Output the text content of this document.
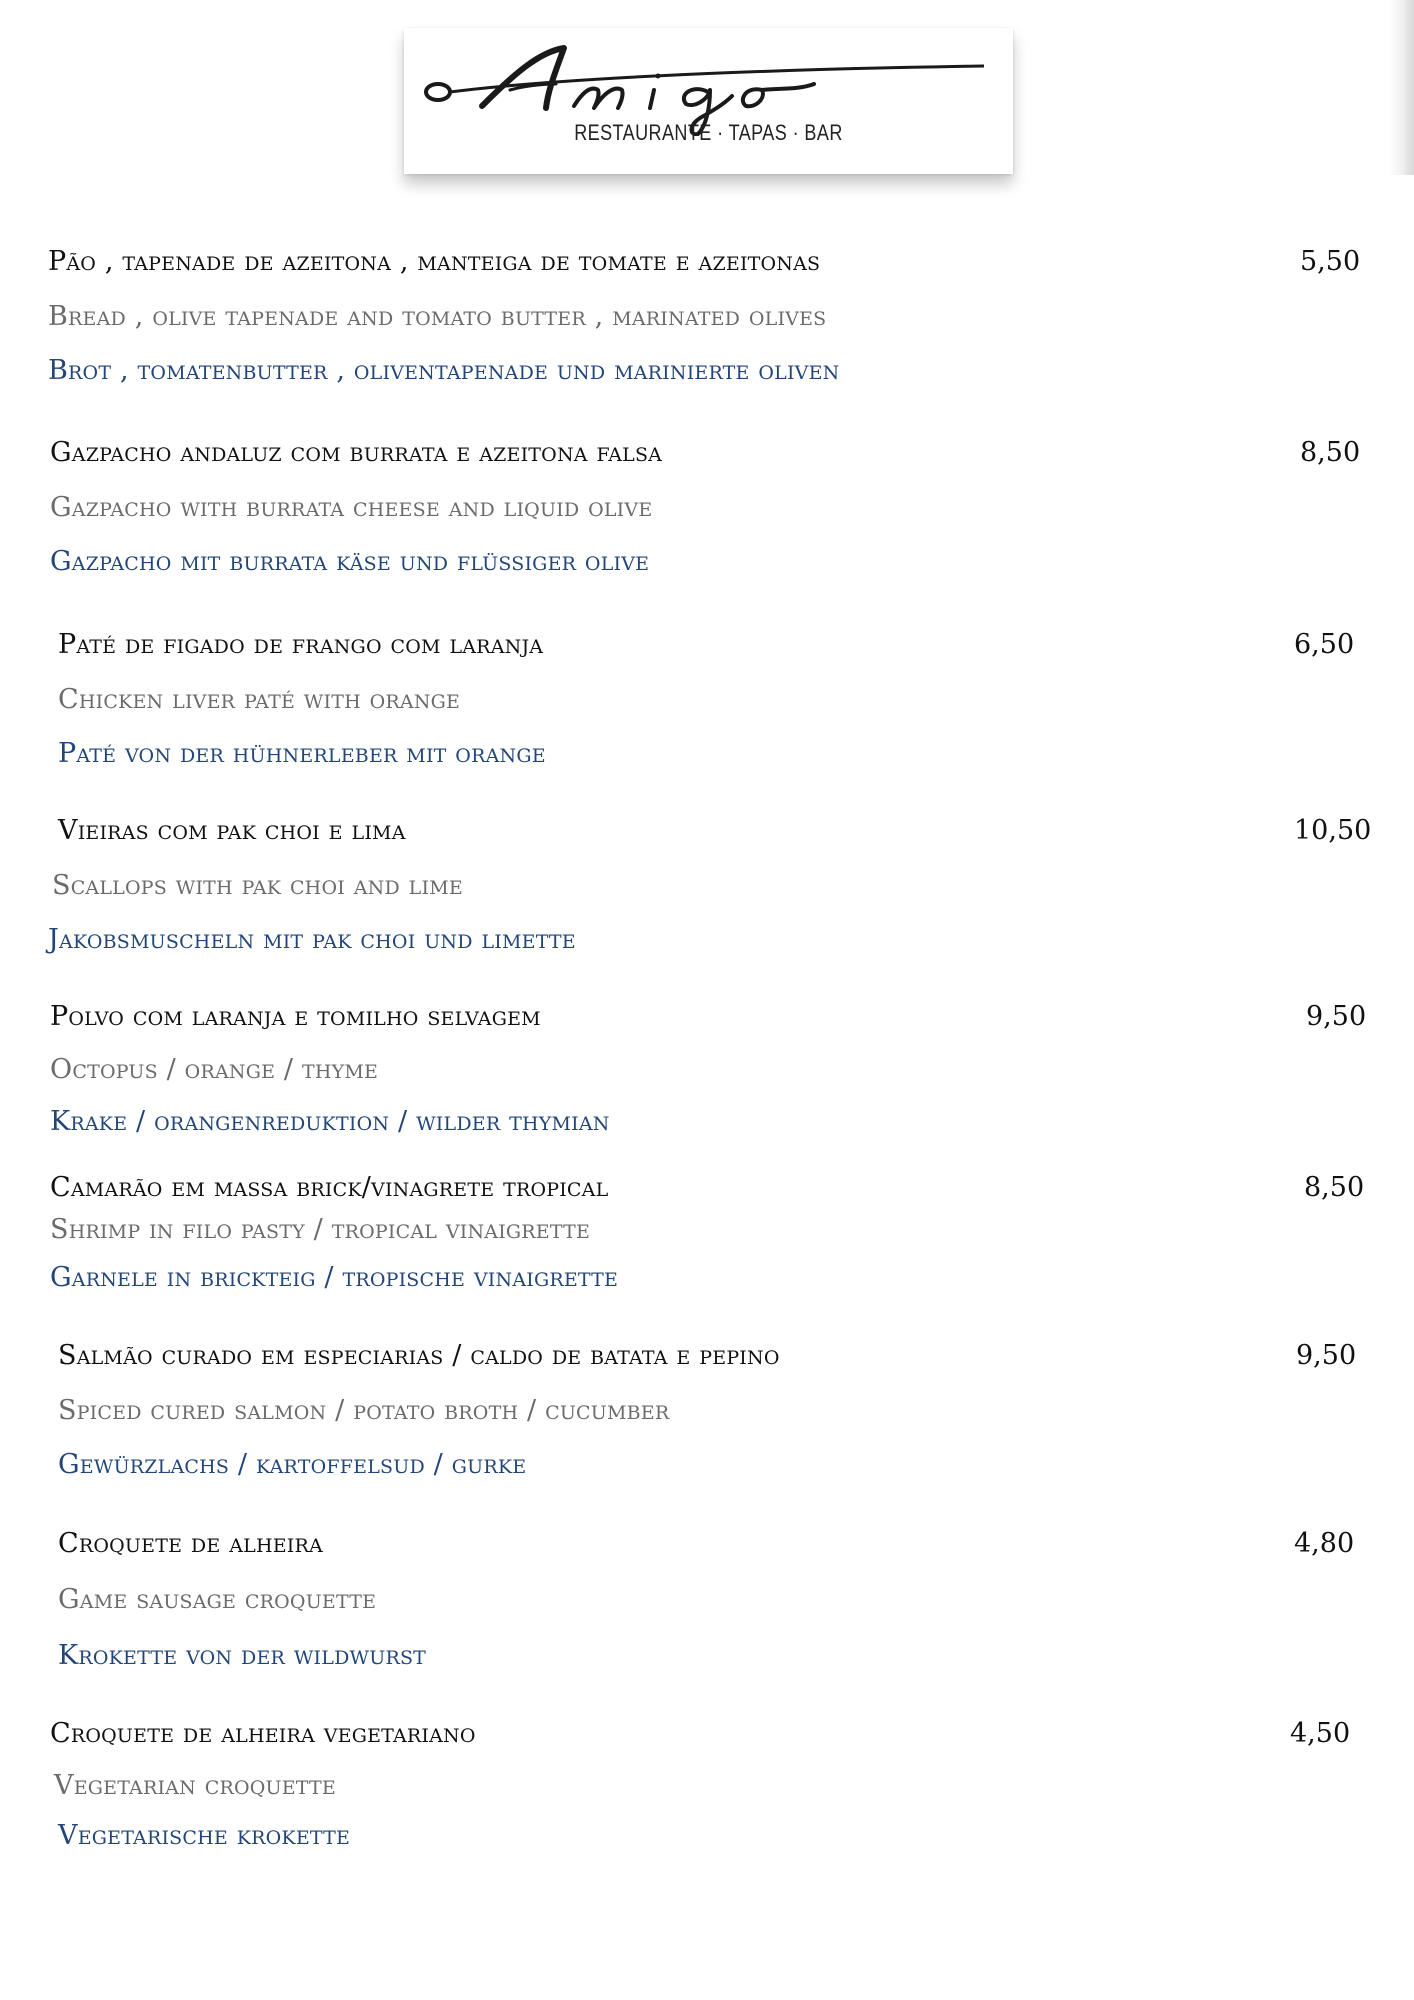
RESTAURANTE · TAPAS · BAR
Pão , tapenade de azeitona , manteiga de tomate e azeitonas
Bread , olive tapenade and tomato butter , marinated olives
Brot , tomatenbutter , oliventapenade und marinierte oliven
5,50
Gazpacho andaluz com burrata e azeitona falsa
Gazpacho with burrata cheese and liquid olive
Gazpacho mit burrata käse und flüssiger olive
8,50
Paté de figado de frango com laranja
Chicken liver paté with orange
Paté von der hühnerleber mit orange
6,50
Vieiras com pak choi e lima
Scallops with pak choi and lime
Jakobsmuscheln mit pak choi und limette
10,50
Polvo com laranja e tomilho selvagem
Octopus / orange / thyme
Krake / orangenreduktion / wilder thymian
9,50
Camarão em massa brick/vinagrete tropical
Shrimp in filo pasty / tropical vinaigrette
Garnele in brickteig / tropische vinaigrette
8,50
Salmão curado em especiarias / caldo de batata e pepino
Spiced cured salmon / potato broth / cucumber
Gewürzlachs / kartoffelsud / gurke
9,50
Croquete de alheira
Game sausage croquette
Krokette von der wildwurst
4,80
Croquete de alheira vegetariano
Vegetarian croquette
Vegetarische krokette
4,50
